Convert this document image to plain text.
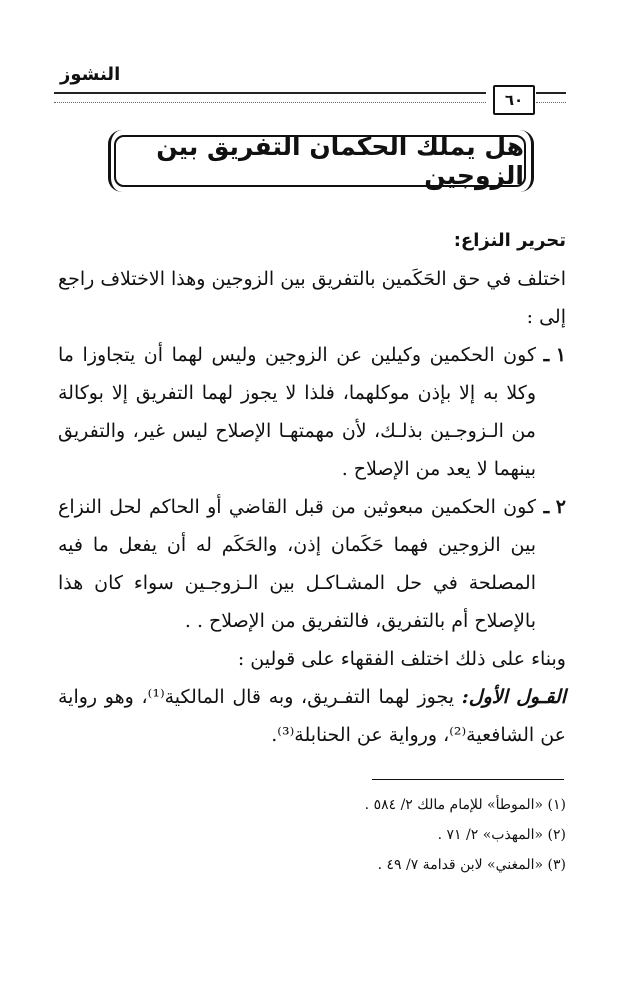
النشوز
٦٠
هل يملك الحكمان التفريق بين الزوجين

تحرير النزاع:

اختلف في حق الحَكَمين بالتفريق بين الزوجين وهذا الاختلاف راجع إلى :

١ ـ
كون الحكمين وكيلين عن الزوجين وليس لهما أن يتجاوزا ما وكلا به إلا بإذن موكلهما، فلذا لا يجوز لهما التفريق إلا بوكالة من الـزوجـين بذلـك، لأن مهمتهـا الإصلاح ليس غير، والتفريق بينهما لا يعد من الإصلاح .

٢ ـ
كون الحكمين مبعوثين من قبل القاضي أو الحاكم لحل النزاع بين الزوجين فهما حَكَمان إذن، والحَكَم له أن يفعل ما فيه المصلحة في حل المشـاكـل بين الـزوجـين سواء كان هذا بالإصلاح أم بالتفريق، فالتفريق من الإصلاح . .

وبناء على ذلك اختلف الفقهاء على قولين :

القـول الأول: يجوز لهما التفـريق، وبه قال المالكية⁽¹⁾، وهو رواية عن الشافعية⁽²⁾، ورواية عن الحنابلة⁽³⁾.

(١) «الموطأ» للإمام مالك ٢/ ٥٨٤ .

(٢) «المهذب» ٢/ ٧١ .

(٣) «المغني» لابن قدامة ٧/ ٤٩ .
